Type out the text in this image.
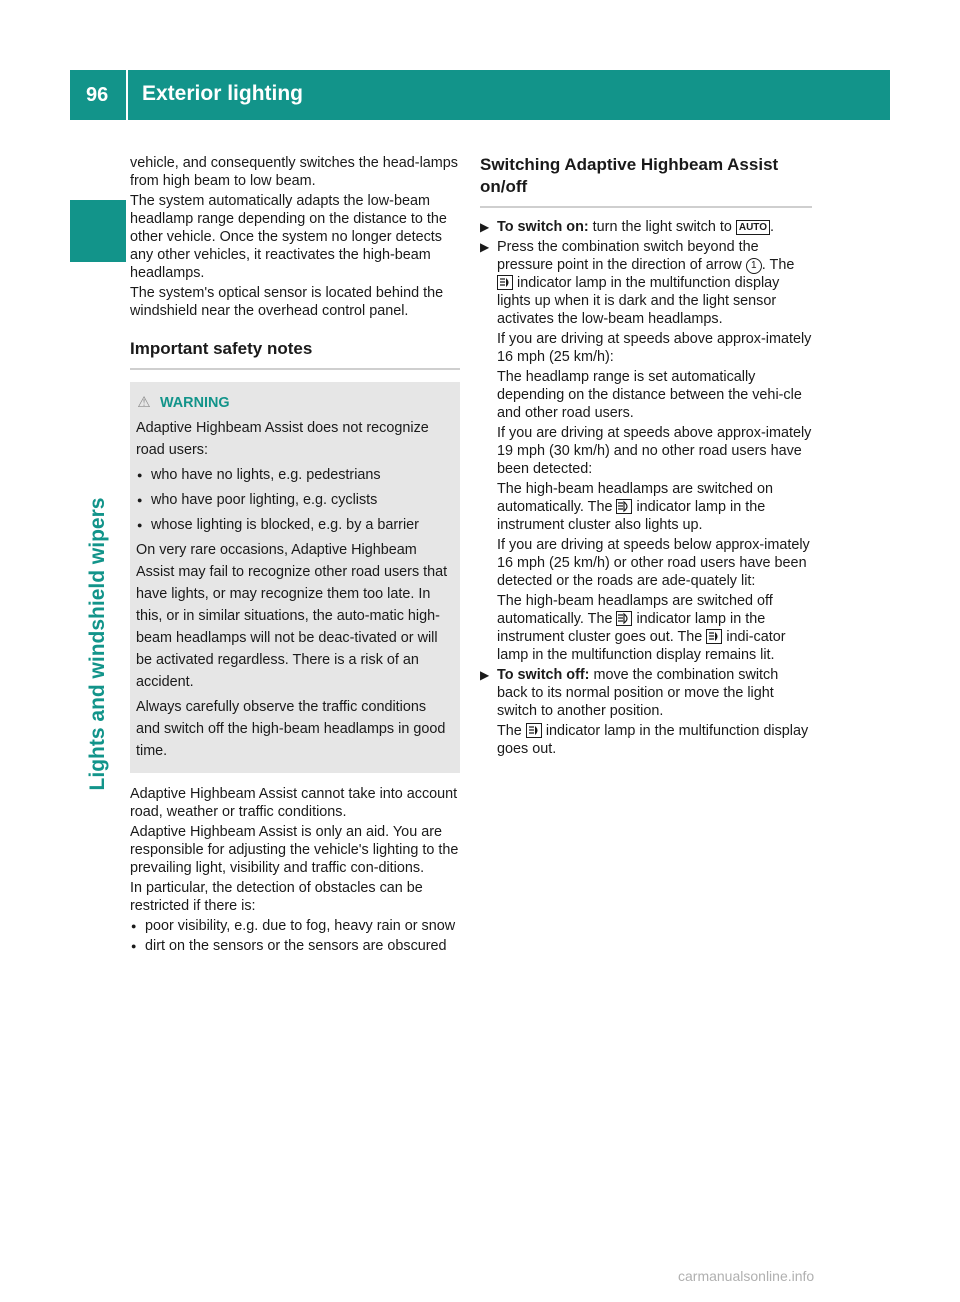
96 Exterior lighting
Lights and windshield wipers

vehicle, and consequently switches the head-lamps from high beam to low beam.

The system automatically adapts the low-beam headlamp range depending on the distance to the other vehicle. Once the system no longer detects any other vehicles, it reactivates the high-beam headlamps.

The system's optical sensor is located behind the windshield near the overhead control panel.

Important safety notes
⚠ WARNING

Adaptive Highbeam Assist does not recognize road users:

● who have no lights, e.g. pedestrians
● who have poor lighting, e.g. cyclists
● whose lighting is blocked, e.g. by a barrier

On very rare occasions, Adaptive Highbeam Assist may fail to recognize other road users that have lights, or may recognize them too late. In this, or in similar situations, the auto-matic high-beam headlamps will not be deac-tivated or will be activated regardless. There is a risk of an accident.

Always carefully observe the traffic conditions and switch off the high-beam headlamps in good time.

Adaptive Highbeam Assist cannot take into account road, weather or traffic conditions.

Adaptive Highbeam Assist is only an aid. You are responsible for adjusting the vehicle's lighting to the prevailing light, visibility and traffic con-ditions.

In particular, the detection of obstacles can be restricted if there is:

● poor visibility, e.g. due to fog, heavy rain or snow
● dirt on the sensors or the sensors are obscured
Switching Adaptive Highbeam Assist on/off
▶ To switch on: turn the light switch to AUTO .

▶ Press the combination switch beyond the pressure point in the direction of arrow 1 . The  indicator lamp in the multifunction display lights up when it is dark and the light sensor activates the low-beam headlamps.

If you are driving at speeds above approx-imately 16 mph (25 km/h):

The headlamp range is set automatically depending on the distance between the vehi-cle and other road users.

If you are driving at speeds above approx-imately 19 mph (30 km/h) and no other road users have been detected:

The high-beam headlamps are switched on automatically. The indicator lamp in the instrument cluster also lights up.

If you are driving at speeds below approx-imately 16 mph (25 km/h) or other road users have been detected or the roads are ade-quately lit:

The high-beam headlamps are switched off automatically. The indicator lamp in the instrument cluster goes out. The indi-cator lamp in the multifunction display remains lit.

▶ To switch off: move the combination switch back to its normal position or move the light switch to another position.

The indicator lamp in the multifunction display goes out.

carmanualsonline.info
